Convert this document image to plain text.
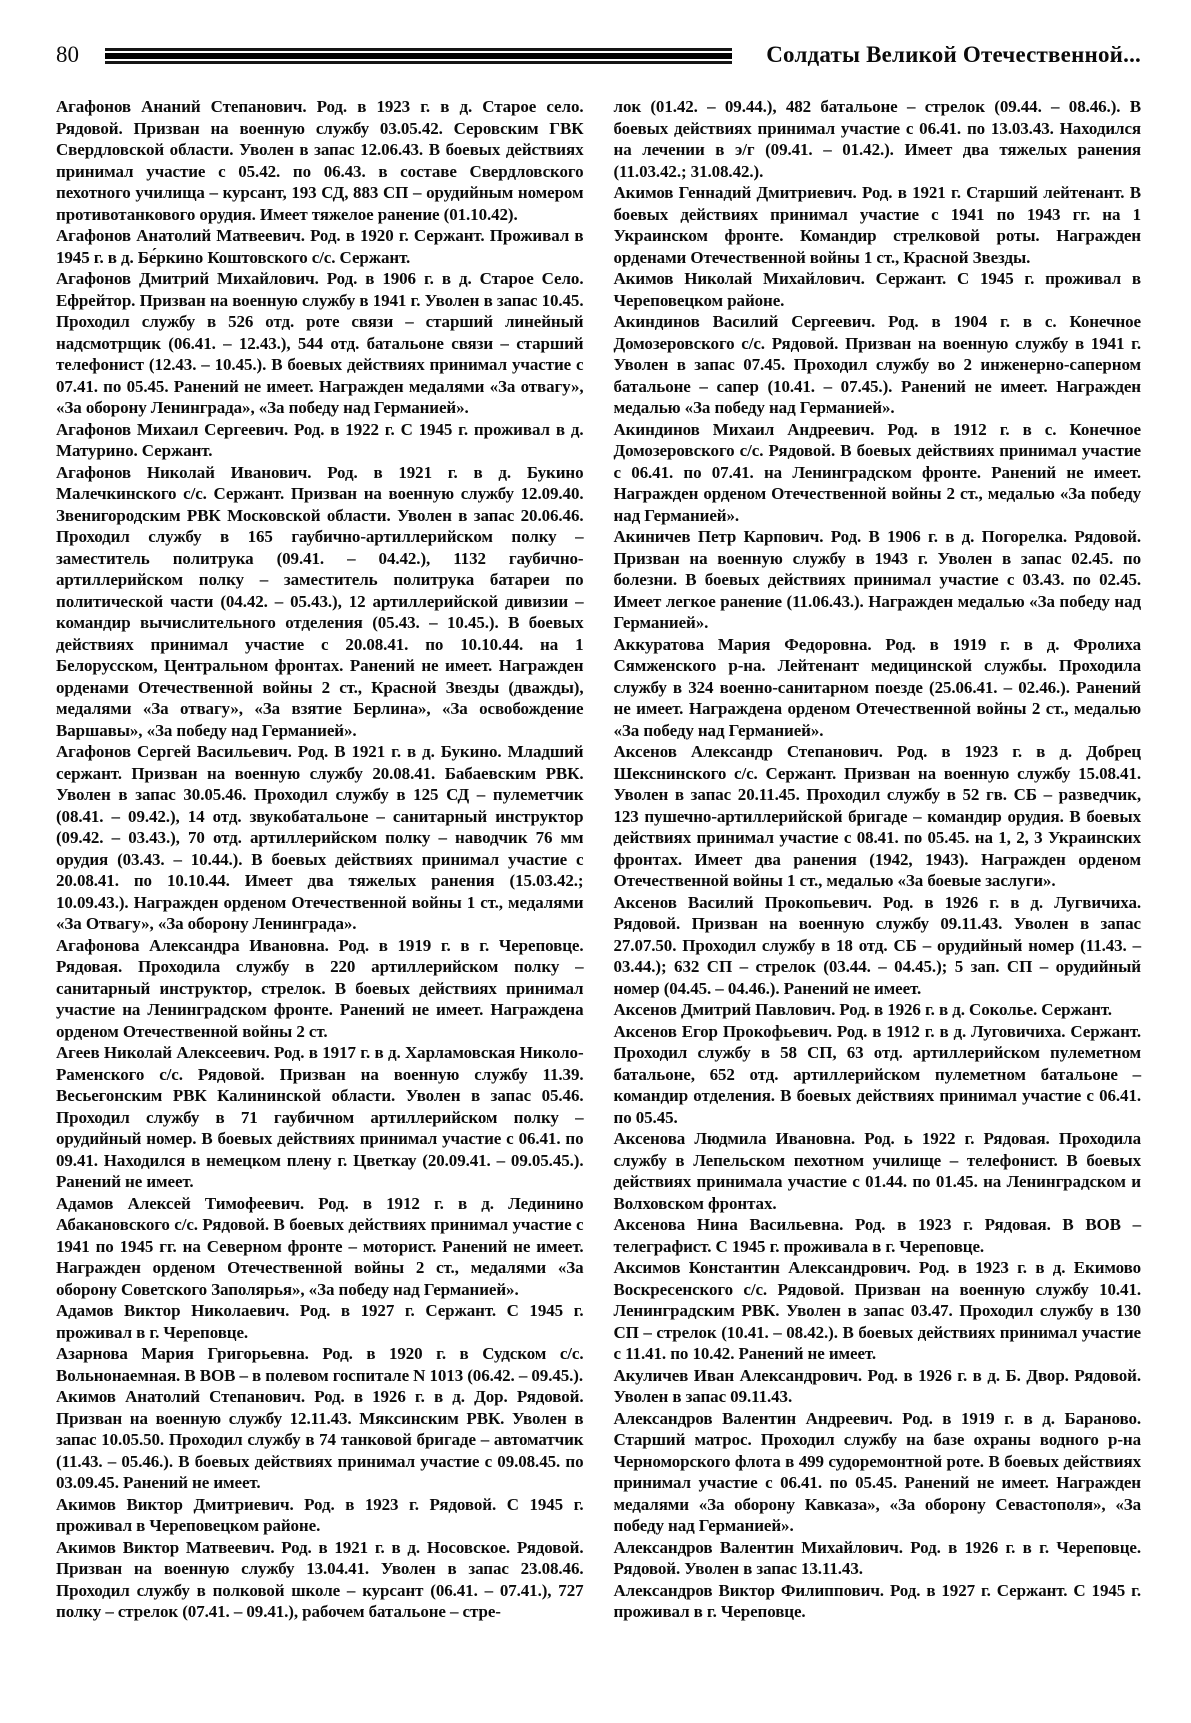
80	Солдаты Великой Отечественной...

Агафонов Ананий Степанович. Род. в 1923 г. в д. Старое село. Рядовой. Призван на военную службу 03.05.42. Серовским ГВК Свердловской области. Уволен в запас 12.06.43. В боевых действиях принимал участие с 05.42. по 06.43. в составе Свердловского пехотного училища – курсант, 193 СД, 883 СП – орудийным номером противотанкового орудия. Имеет тяжелое ранение (01.10.42).

Агафонов Анатолий Матвеевич. Род. в 1920 г. Сержант. Проживал в 1945 г. в д. Бе́ркино Коштовского с/с. Сержант.

Агафонов Дмитрий Михайлович. Род. в 1906 г. в д. Старое Село. Ефрейтор. Призван на военную службу в 1941 г. Уволен в запас 10.45. Проходил службу в 526 отд. роте связи – старший линейный надсмотрщик (06.41. – 12.43.), 544 отд. батальоне связи – старший телефонист (12.43. – 10.45.). В боевых действиях принимал участие с 07.41. по 05.45. Ранений не имеет. Награжден медалями «За отвагу», «За оборону Ленинграда», «За победу над Германией».

Агафонов Михаил Сергеевич. Род. в 1922 г. С 1945 г. проживал в д. Матурино. Сержант.

Агафонов Николай Иванович. Род. в 1921 г. в д. Букино Малечкинского с/с. Сержант. Призван на военную службу 12.09.40. Звенигородским РВК Московской области. Уволен в запас 20.06.46. Проходил службу в 165 гаубично-артиллерийском полку – заместитель политрука (09.41. – 04.42.), 1132 гаубично-артиллерийском полку – заместитель политрука батареи по политической части (04.42. – 05.43.), 12 артиллерийской дивизии – командир вычислительного отделения (05.43. – 10.45.). В боевых действиях принимал участие с 20.08.41. по 10.10.44. на 1 Белорусском, Центральном фронтах. Ранений не имеет. Награжден орденами Отечественной войны 2 ст., Красной Звезды (дважды), медалями «За отвагу», «За взятие Берлина», «За освобождение Варшавы», «За победу над Германией».

Агафонов Сергей Васильевич. Род. В 1921 г. в д. Букино. Младший сержант. Призван на военную службу 20.08.41. Бабаевским РВК. Уволен в запас 30.05.46. Проходил службу в 125 СД – пулеметчик (08.41. – 09.42.), 14 отд. звукобатальоне – санитарный инструктор (09.42. – 03.43.), 70 отд. артиллерийском полку – наводчик 76 мм орудия (03.43. – 10.44.). В боевых действиях принимал участие с 20.08.41. по 10.10.44. Имеет два тяжелых ранения (15.03.42.; 10.09.43.). Награжден орденом Отечественной войны 1 ст., медалями «За Отвагу», «За оборону Ленинграда».

Агафонова Александра Ивановна. Род. в 1919 г. в г. Череповце. Рядовая. Проходила службу в 220 артиллерийском полку – санитарный инструктор, стрелок. В боевых действиях принимал участие на Ленинградском фронте. Ранений не имеет. Награждена орденом Отечественной войны 2 ст.

Агеев Николай Алексеевич. Род. в 1917 г. в д. Харламовская Николо-Раменского с/с. Рядовой. Призван на военную службу 11.39. Весьегонским РВК Калининской области. Уволен в запас 05.46. Проходил службу в 71 гаубичном артиллерийском полку – орудийный номер. В боевых действиях принимал участие с 06.41. по 09.41. Находился в немецком плену г. Цветкау (20.09.41. – 09.05.45.). Ранений не имеет.

Адамов Алексей Тимофеевич. Род. в 1912 г. в д. Лединино Абакановского с/с. Рядовой. В боевых действиях принимал участие с 1941 по 1945 гг. на Северном фронте – моторист. Ранений не имеет. Награжден орденом Отечественной войны 2 ст., медалями «За оборону Советского Заполярья», «За победу над Германией».

Адамов Виктор Николаевич. Род. в 1927 г. Сержант. С 1945 г. проживал в г. Череповце.

Азарнова Мария Григорьевна. Род. в 1920 г. в Судском с/с. Вольнонаемная. В ВОВ – в полевом госпитале N 1013 (06.42. – 09.45.).

Акимов Анатолий Степанович. Род. в 1926 г. в д. Дор. Рядовой. Призван на военную службу 12.11.43. Мяксинским РВК. Уволен в запас 10.05.50. Проходил службу в 74 танковой бригаде – автоматчик (11.43. – 05.46.). В боевых действиях принимал участие с 09.08.45. по 03.09.45. Ранений не имеет.

Акимов Виктор Дмитриевич. Род. в 1923 г. Рядовой. С 1945 г. проживал в Череповецком районе.

Акимов Виктор Матвеевич. Род. в 1921 г. в д. Носовское. Рядовой. Призван на военную службу 13.04.41. Уволен в запас 23.08.46. Проходил службу в полковой школе – курсант (06.41. – 07.41.), 727 полку – стрелок (07.41. – 09.41.), рабочем батальоне – стре-

лок (01.42. – 09.44.), 482 батальоне – стрелок (09.44. – 08.46.). В боевых действиях принимал участие с 06.41. по 13.03.43. Находился на лечении в э/г (09.41. – 01.42.). Имеет два тяжелых ранения (11.03.42.; 31.08.42.).

Акимов Геннадий Дмитриевич. Род. в 1921 г. Старший лейтенант. В боевых действиях принимал участие с 1941 по 1943 гг. на 1 Украинском фронте. Командир стрелковой роты. Награжден орденами Отечественной войны 1 ст., Красной Звезды.

Акимов Николай Михайлович. Сержант. С 1945 г. проживал в Череповецком районе.

Акиндинов Василий Сергеевич. Род. в 1904 г. в с. Конечное Домозеровского с/с. Рядовой. Призван на военную службу в 1941 г. Уволен в запас 07.45. Проходил службу во 2 инженерно-саперном батальоне – сапер (10.41. – 07.45.). Ранений не имеет. Награжден медалью «За победу над Германией».

Акиндинов Михаил Андреевич. Род. в 1912 г. в с. Конечное Домозеровского с/с. Рядовой. В боевых действиях принимал участие с 06.41. по 07.41. на Ленинградском фронте. Ранений не имеет. Награжден орденом Отечественной войны 2 ст., медалью «За победу над Германией».

Акиничев Петр Карпович. Род. В 1906 г. в д. Погорелка. Рядовой. Призван на военную службу в 1943 г. Уволен в запас 02.45. по болезни. В боевых действиях принимал участие с 03.43. по 02.45. Имеет легкое ранение (11.06.43.). Награжден медалью «За победу над Германией».

Аккуратова Мария Федоровна. Род. в 1919 г. в д. Фролиха Сямженского р-на. Лейтенант медицинской службы. Проходила службу в 324 военно-санитарном поезде (25.06.41. – 02.46.). Ранений не имеет. Награждена орденом Отечественной войны 2 ст., медалью «За победу над Германией».

Аксенов Александр Степанович. Род. в 1923 г. в д. Добрец Шекснинского с/с. Сержант. Призван на военную службу 15.08.41. Уволен в запас 20.11.45. Проходил службу в 52 гв. СБ – разведчик, 123 пушечно-артиллерийской бригаде – командир орудия. В боевых действиях принимал участие с 08.41. по 05.45. на 1, 2, 3 Украинских фронтах. Имеет два ранения (1942, 1943). Награжден орденом Отечественной войны 1 ст., медалью «За боевые заслуги».

Аксенов Василий Прокопьевич. Род. в 1926 г. в д. Лугвичиха. Рядовой. Призван на военную службу 09.11.43. Уволен в запас 27.07.50. Проходил службу в 18 отд. СБ – орудийный номер (11.43. – 03.44.); 632 СП – стрелок (03.44. – 04.45.); 5 зап. СП – орудийный номер (04.45. – 04.46.). Ранений не имеет.

Аксенов Дмитрий Павлович. Род. в 1926 г. в д. Соколье. Сержант.

Аксенов Егор Прокофьевич. Род. в 1912 г. в д. Луговичиха. Сержант. Проходил службу в 58 СП, 63 отд. артиллерийском пулеметном батальоне, 652 отд. артиллерийском пулеметном батальоне – командир отделения. В боевых действиях принимал участие с 06.41. по 05.45.

Аксенова Людмила Ивановна. Род. ь 1922 г. Рядовая. Проходила службу в Лепельском пехотном училище – телефонист. В боевых действиях принимала участие с 01.44. по 01.45. на Ленинградском и Волховском фронтах.

Аксенова Нина Васильевна. Род. в 1923 г. Рядовая. В ВОВ – телеграфист. С 1945 г. проживала в г. Череповце.

Аксимов Константин Александрович. Род. в 1923 г. в д. Екимово Воскресенского с/с. Рядовой. Призван на военную службу 10.41. Ленинградским РВК. Уволен в запас 03.47. Проходил службу в 130 СП – стрелок (10.41. – 08.42.). В боевых действиях принимал участие с 11.41. по 10.42. Ранений не имеет.

Акуличев Иван Александрович. Род. в 1926 г. в д. Б. Двор. Рядовой. Уволен в запас 09.11.43.

Александров Валентин Андреевич. Род. в 1919 г. в д. Бараново. Старший матрос. Проходил службу на базе охраны водного р-на Черноморского флота в 499 судоремонтной роте. В боевых действиях принимал участие с 06.41. по 05.45. Ранений не имеет. Награжден медалями «За оборону Кавказа», «За оборону Севастополя», «За победу над Германией».

Александров Валентин Михайлович. Род. в 1926 г. в г. Череповце. Рядовой. Уволен в запас 13.11.43.

Александров Виктор Филиппович. Род. в 1927 г. Сержант. С 1945 г. проживал в г. Череповце.
